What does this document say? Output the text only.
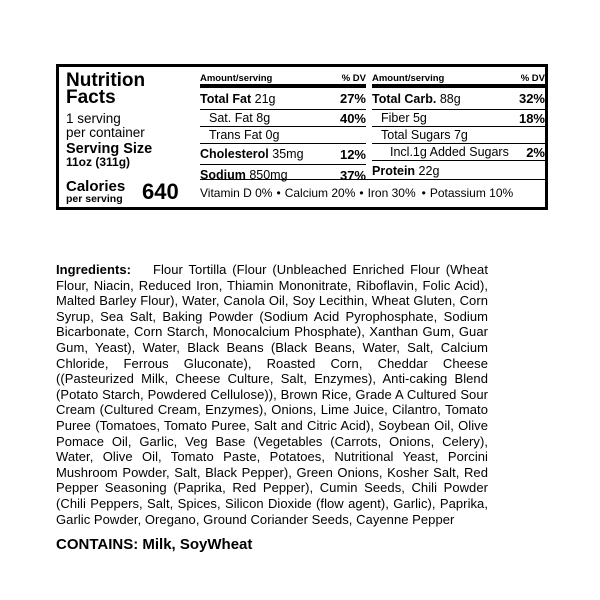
Nutrition
Facts
1 serving
per container
Serving Size
11oz (311g)
Calories
per serving 640
Amount/serving	% DV
Total Fat 21g	27%
Sat. Fat 8g	40%
Trans Fat 0g
Cholesterol 35mg	12%
Sodium 850mg	37%
Amount/serving	% DV
Total Carb. 88g	32%
Fiber 5g	18%
Total Sugars 7g
Incl.1g Added Sugars 2%
Protein 22g
Vitamin D 0% • Calcium 20% • Iron 30% • Potassium 10%
Ingredients: Flour Tortilla (Flour (Unbleached Enriched Flour (Wheat Flour, Niacin, Reduced Iron, Thiamin Mononitrate, Riboflavin, Folic Acid), Malted Barley Flour), Water, Canola Oil, Soy Lecithin, Wheat Gluten, Corn Syrup, Sea Salt, Baking Powder (Sodium Acid Pyrophosphate, Sodium Bicarbonate, Corn Starch, Monocalcium Phosphate), Xanthan Gum, Guar Gum, Yeast), Water, Black Beans (Black Beans, Water, Salt, Calcium Chloride, Ferrous Gluconate), Roasted Corn, Cheddar Cheese ((Pasteurized Milk, Cheese Culture, Salt, Enzymes), Anti-caking Blend (Potato Starch, Powdered Cellulose)), Brown Rice, Grade A Cultured Sour Cream (Cultured Cream, Enzymes), Onions, Lime Juice, Cilantro, Tomato Puree (Tomatoes, Tomato Puree, Salt and Citric Acid), Soybean Oil, Olive Pomace Oil, Garlic, Veg Base (Vegetables (Carrots, Onions, Celery), Water, Olive Oil, Tomato Paste, Potatoes, Nutritional Yeast, Porcini Mushroom Powder, Salt, Black Pepper), Green Onions, Kosher Salt, Red Pepper Seasoning (Paprika, Red Pepper), Cumin Seeds, Chili Powder (Chili Peppers, Salt, Spices, Silicon Dioxide (flow agent), Garlic), Paprika, Garlic Powder, Oregano, Ground Coriander Seeds, Cayenne Pepper
CONTAINS: Milk, SoyWheat
